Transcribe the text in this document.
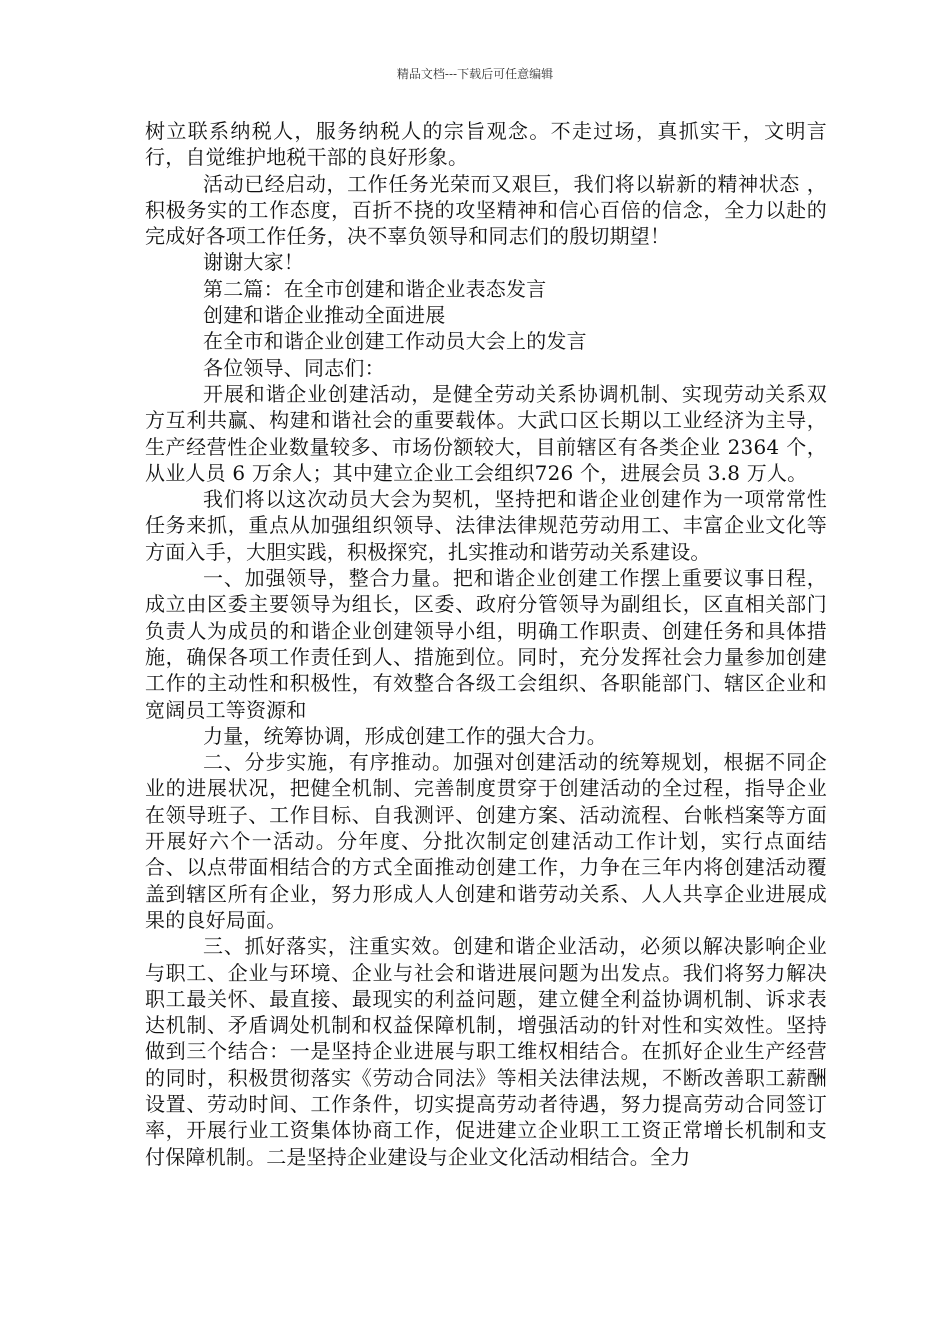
精品文档---下载后可任意编辑

树立联系纳税人，服务纳税人的宗旨观念。不走过场，真抓实干，文明言行，自觉维护地税干部的良好形象。

活动已经启动，工作任务光荣而又艰巨，我们将以崭新的精神状态 ，积极务实的工作态度，百折不挠的攻坚精神和信心百倍的信念，全力以赴的完成好各项工作任务，决不辜负领导和同志们的殷切期望！

谢谢大家！

第二篇：在全市创建和谐企业表态发言

创建和谐企业推动全面进展

在全市和谐企业创建工作动员大会上的发言

各位领导、同志们：

开展和谐企业创建活动，是健全劳动关系协调机制、实现劳动关系双方互利共赢、构建和谐社会的重要载体。大武口区长期以工业经济为主导，生产经营性企业数量较多、市场份额较大，目前辖区有各类企业 2364 个，从业人员 6 万余人；其中建立企业工会组织726 个，进展会员 3.8 万人。

我们将以这次动员大会为契机，坚持把和谐企业创建作为一项常常性任务来抓，重点从加强组织领导、法律法律规范劳动用工、丰富企业文化等方面入手，大胆实践，积极探究，扎实推动和谐劳动关系建设。

一、加强领导，整合力量。把和谐企业创建工作摆上重要议事日程，成立由区委主要领导为组长，区委、政府分管领导为副组长，区直相关部门负责人为成员的和谐企业创建领导小组，明确工作职责、创建任务和具体措施，确保各项工作责任到人、措施到位。同时，充分发挥社会力量参加创建工作的主动性和积极性，有效整合各级工会组织、各职能部门、辖区企业和宽阔员工等资源和

力量，统筹协调，形成创建工作的强大合力。

二、分步实施，有序推动。加强对创建活动的统筹规划，根据不同企业的进展状况，把健全机制、完善制度贯穿于创建活动的全过程，指导企业在领导班子、工作目标、自我测评、创建方案、活动流程、台帐档案等方面开展好六个一活动。分年度、分批次制定创建活动工作计划，实行点面结合、以点带面相结合的方式全面推动创建工作，力争在三年内将创建活动覆盖到辖区所有企业，努力形成人人创建和谐劳动关系、人人共享企业进展成果的良好局面。

三、抓好落实，注重实效。创建和谐企业活动，必须以解决影响企业与职工、企业与环境、企业与社会和谐进展问题为出发点。我们将努力解决职工最关怀、最直接、最现实的利益问题，建立健全利益协调机制、诉求表达机制、矛盾调处机制和权益保障机制，增强活动的针对性和实效性。坚持做到三个结合：一是坚持企业进展与职工维权相结合。在抓好企业生产经营的同时，积极贯彻落实《劳动合同法》等相关法律法规，不断改善职工薪酬设置、劳动时间、工作条件，切实提高劳动者待遇，努力提高劳动合同签订率，开展行业工资集体协商工作，促进建立企业职工工资正常增长机制和支付保障机制。二是坚持企业建设与企业文化活动相结合。全力
